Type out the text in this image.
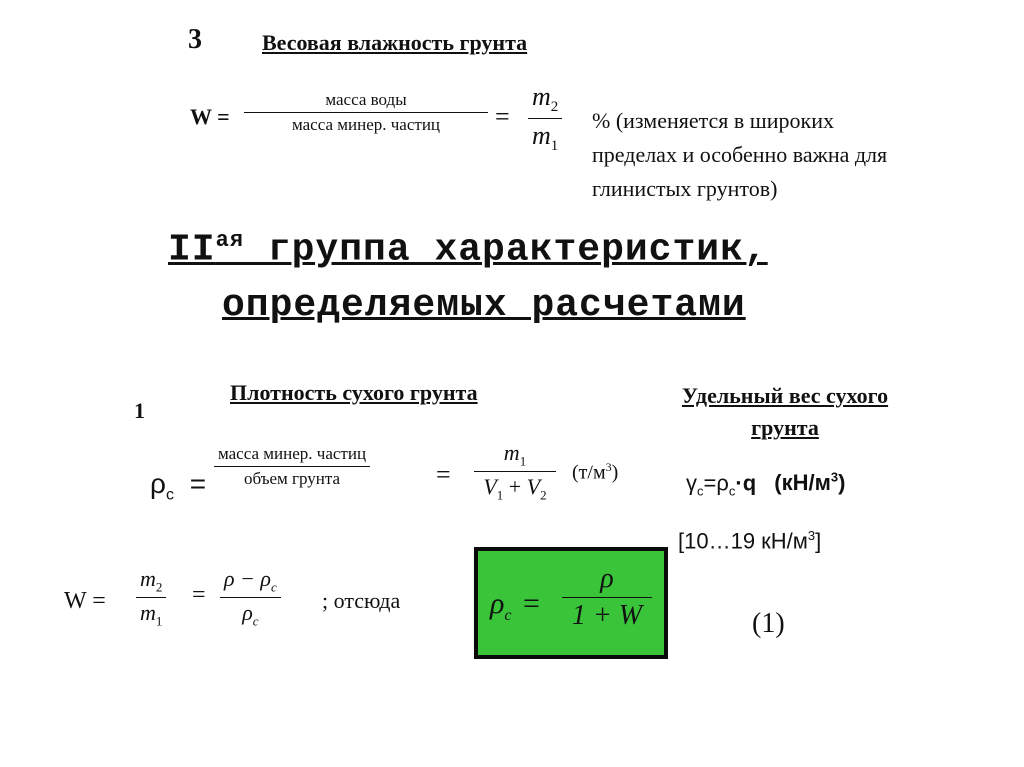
3	Весовая влажность грунта
W =
масса воды
масса минер. частиц = $\frac{m_2}{m_1}$ % (изменяется в широких
пределах и особенно важна для
глинистых грунтов)
$II^{ая}$ группа характеристик,
определяемых расчетами
1
Плотность сухого грунта	Удельный вес сухого
грунта
$\rho_с$ =
масса минер. частиц
объем грунта	= $\frac{m_1}{V_1 + V_2} (т/м^3)$	$\gamma_с=\rho_с\cdot q$ $(кН/м^3)$
[10…19 $кН/м^3$]
$W = \frac{m_2}{m_1} = \frac{\rho - \rho_c}{\rho_c}$ ; отсюда	$\rho_c = \frac{\rho}{1 + W}$	(1)
